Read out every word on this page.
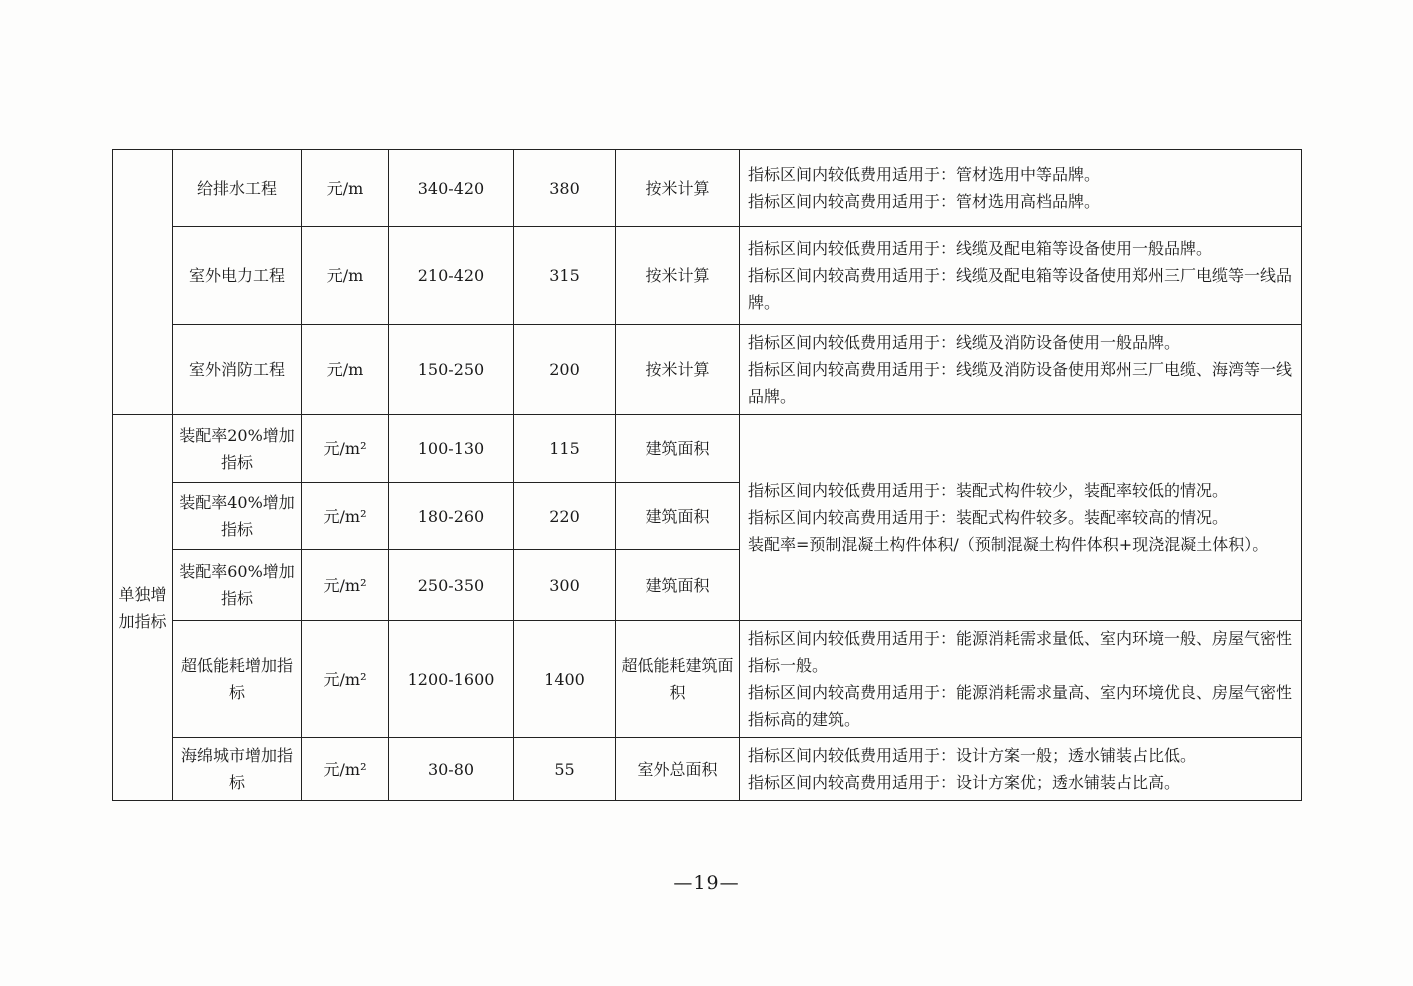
	给排水工程	元/m	340-420	380	按米计算	指标区间内较低费用适用于：管材选用中等品牌。
指标区间内较高费用适用于：管材选用高档品牌。

	室外电力工程	元/m	210-420	315	按米计算	指标区间内较低费用适用于：线缆及配电箱等设备使用一般品牌。
指标区间内较高费用适用于：线缆及配电箱等设备使用郑州三厂电缆等一线品牌。

	室外消防工程	元/m	150-250	200	按米计算	指标区间内较低费用适用于：线缆及消防设备使用一般品牌。
指标区间内较高费用适用于：线缆及消防设备使用郑州三厂电缆、海湾等一线品牌。

单独增加指标	装配率20%增加指标	元/m²	100-130	115	建筑面积	指标区间内较低费用适用于：装配式构件较少，装配率较低的情况。
指标区间内较高费用适用于：装配式构件较多。装配率较高的情况。
装配率=预制混凝土构件体积/（预制混凝土构件体积+现浇混凝土体积）。

	装配率40%增加指标	元/m²	180-260	220	建筑面积	
	装配率60%增加指标	元/m²	250-350	300	建筑面积	
	超低能耗增加指标	元/m²	1200-1600	1400	超低能耗建筑面积	指标区间内较低费用适用于：能源消耗需求量低、室内环境一般、房屋气密性指标一般。
指标区间内较高费用适用于：能源消耗需求量高、室内环境优良、房屋气密性指标高的建筑。

	海绵城市增加指标	元/m²	30-80	55	室外总面积	指标区间内较低费用适用于：设计方案一般；透水铺装占比低。
指标区间内较高费用适用于：设计方案优；透水铺装占比高。
—19—
